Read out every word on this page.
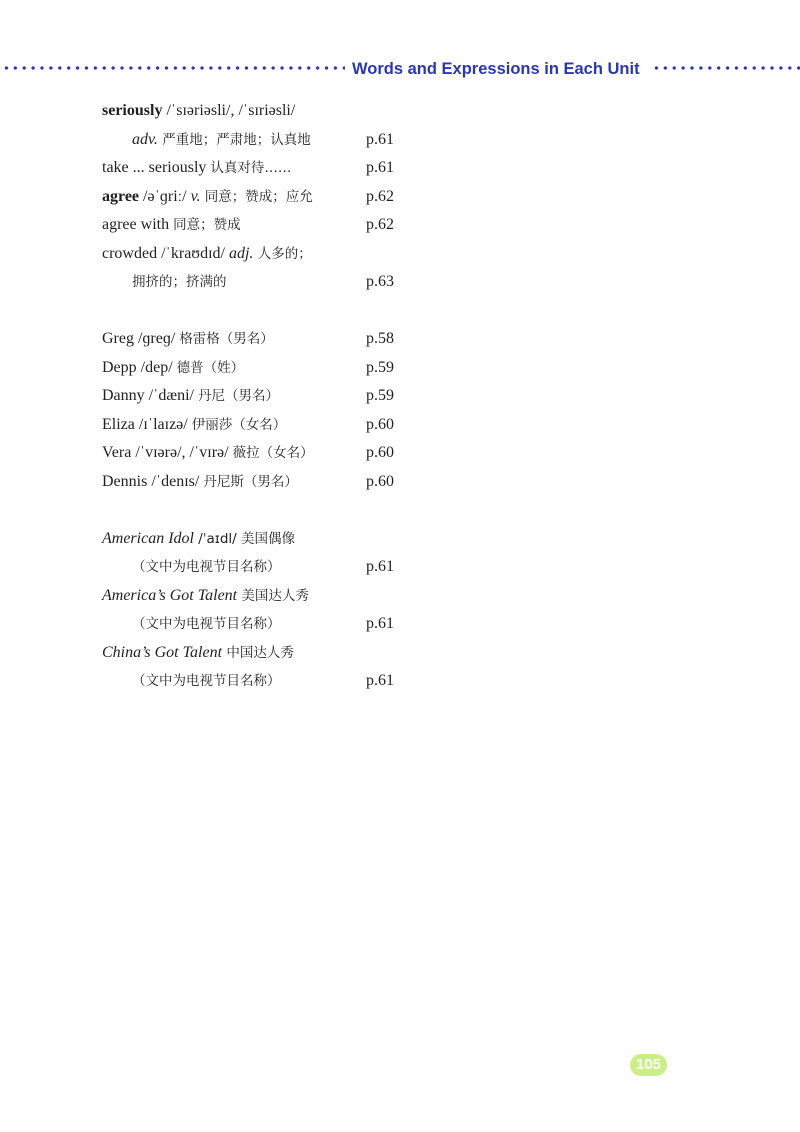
Words and Expressions in Each Unit
seriously /ˈsɪəriəsli/, /ˈsɪriəsli/
adv. 严重地；严肃地；认真地	p.61
take ... seriously 认真对待……	p.61
agree /əˈɡriː/ v. 同意；赞成；应允	p.62
agree with 同意；赞成	p.62
crowded /ˈkraʊdɪd/ adj. 人多的；
拥挤的；挤满的	p.63
Greg /ɡreɡ/ 格雷格（男名）	p.58
Depp /dep/ 德普（姓）	p.59
Danny /ˈdæni/ 丹尼（男名）	p.59
Eliza /ɪˈlaɪzə/ 伊丽莎（女名）	p.60
Vera /ˈvɪərə/, /ˈvɪrə/ 薇拉（女名）	p.60
Dennis /ˈdenɪs/ 丹尼斯（男名）	p.60
American Idol /ˈaɪdl/ 美国偶像
（文中为电视节目名称）	p.61
America’s Got Talent 美国达人秀
（文中为电视节目名称）	p.61
China’s Got Talent 中国达人秀
（文中为电视节目名称）	p.61
105
